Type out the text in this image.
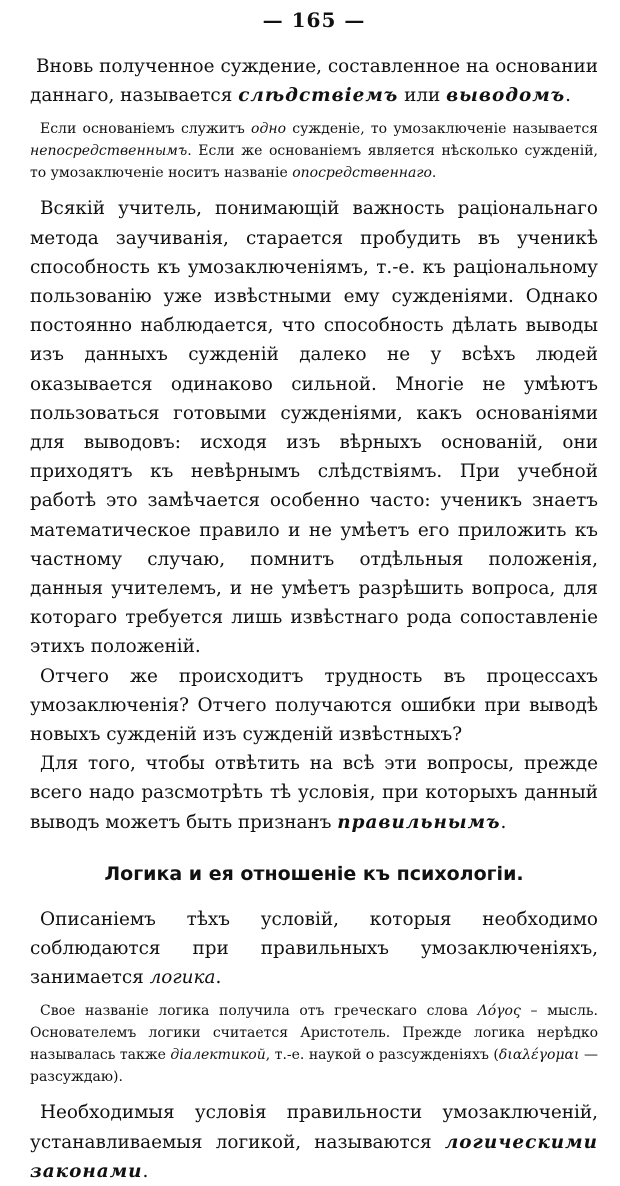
— 165 —

Вновь полученное суждение, составленное на основании даннаго, называется слѣдствіемъ или выводомъ.

Если основаніемъ служитъ одно сужденіе, то умозаключеніе называется непосредственнымъ. Если же основаніемъ является нѣсколько сужденій, то умозаключеніе носитъ названіе опосредственнаго.

Всякій учитель, понимающій важность раціональнаго метода заучиванія, старается пробудить въ ученикѣ способность къ умозаключеніямъ, т.-е. къ раціональному пользованію уже извѣстными ему сужденіями. Однако постоянно наблюдается, что способность дѣлать выводы изъ данныхъ сужденій далеко не у всѣхъ людей оказывается одинаково сильной. Многіе не умѣютъ пользоваться готовыми сужденіями, какъ основаніями для выводовъ: исходя изъ вѣрныхъ основаній, они приходятъ къ невѣрнымъ слѣдствіямъ. При учебной работѣ это замѣчается особенно часто: ученикъ знаетъ математическое правило и не умѣетъ его приложить къ частному случаю, помнитъ отдѣльныя положенія, данныя учителемъ, и не умѣетъ разрѣшить вопроса, для котораго требуется лишь извѣстнаго рода сопоставленіе этихъ положеній.

Отчего же происходитъ трудность въ процессахъ умозаключенія? Отчего получаются ошибки при выводѣ новыхъ сужденій изъ сужденій извѣстныхъ?

Для того, чтобы отвѣтить на всѣ эти вопросы, прежде всего надо разсмотрѣть тѣ условія, при которыхъ данный выводъ можетъ быть признанъ правильнымъ.

Логика и ея отношеніе къ психологіи.

Описаніемъ тѣхъ условій, которыя необходимо соблюдаются при правильныхъ умозаключеніяхъ, занимается логика.

Свое названіе логика получила отъ греческаго слова Λόγος – мысль. Основателемъ логики считается Аристотель. Прежде логика нерѣдко называлась также діалектикой, т.-е. наукой о разсужденіяхъ (διαλέγομαι — разсуждаю).

Необходимыя условія правильности умозаключеній, устанавливаемыя логикой, называются логическими законами.
